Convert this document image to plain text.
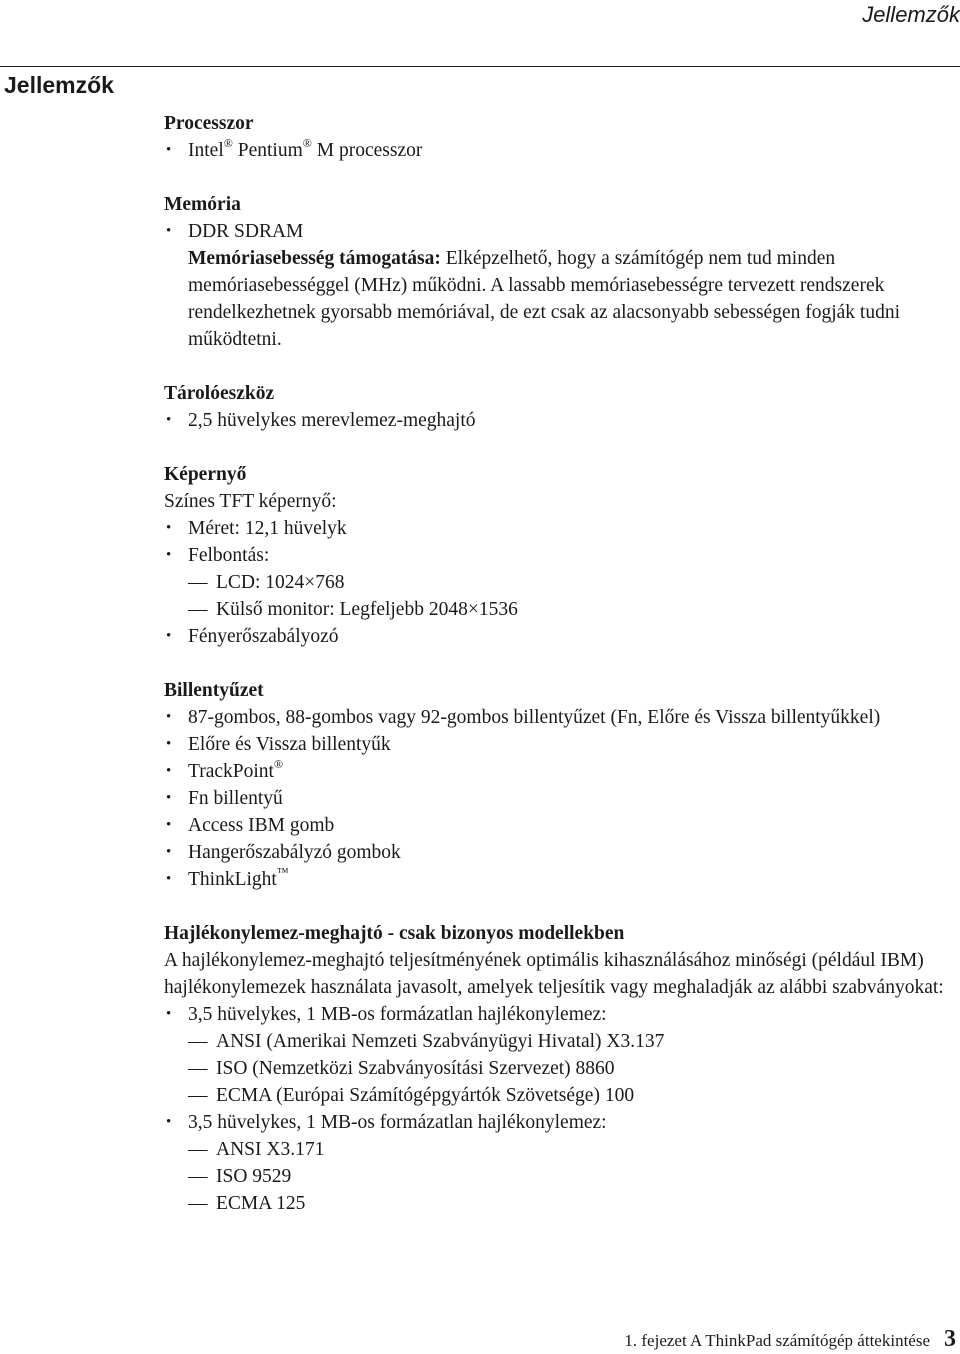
Jellemzők
Jellemzők
Processzor
• Intel® Pentium® M processzor
Memória
• DDR SDRAM
Memóriasebesség támogatása: Elképzelhető, hogy a számítógép nem tud minden memóriasebességgel (MHz) működni. A lassabb memóriasebességre tervezett rendszerek rendelkezhetnek gyorsabb memóriával, de ezt csak az alacsonyabb sebességen fogják tudni működtetni.
Tárolóeszköz
• 2,5 hüvelykes merevlemez-meghajtó
Képernyő

Színes TFT képernyő:

• Méret: 12,1 hüvelyk
• Felbontás:
— LCD: 1024×768
— Külső monitor: Legfeljebb 2048×1536
• Fényerőszabályozó
Billentyűzet
• 87-gombos, 88-gombos vagy 92-gombos billentyűzet (Fn, Előre és Vissza billentyűkkel)
• Előre és Vissza billentyűk
• TrackPoint®
• Fn billentyű
• Access IBM gomb
• Hangerőszabályzó gombok
• ThinkLight™
Hajlékonylemez-meghajtó - csak bizonyos modellekben

A hajlékonylemez-meghajtó teljesítményének optimális kihasználásához minőségi (például IBM) hajlékonylemezek használata javasolt, amelyek teljesítik vagy meghaladják az alábbi szabványokat:

• 3,5 hüvelykes, 1 MB-os formázatlan hajlékonylemez:
— ANSI (Amerikai Nemzeti Szabványügyi Hivatal) X3.137
— ISO (Nemzetközi Szabványosítási Szervezet) 8860
— ECMA (Európai Számítógépgyártók Szövetsége) 100
• 3,5 hüvelykes, 1 MB-os formázatlan hajlékonylemez:
— ANSI X3.171
— ISO 9529
— ECMA 125
1. fejezet A ThinkPad számítógép áttekintése 3
